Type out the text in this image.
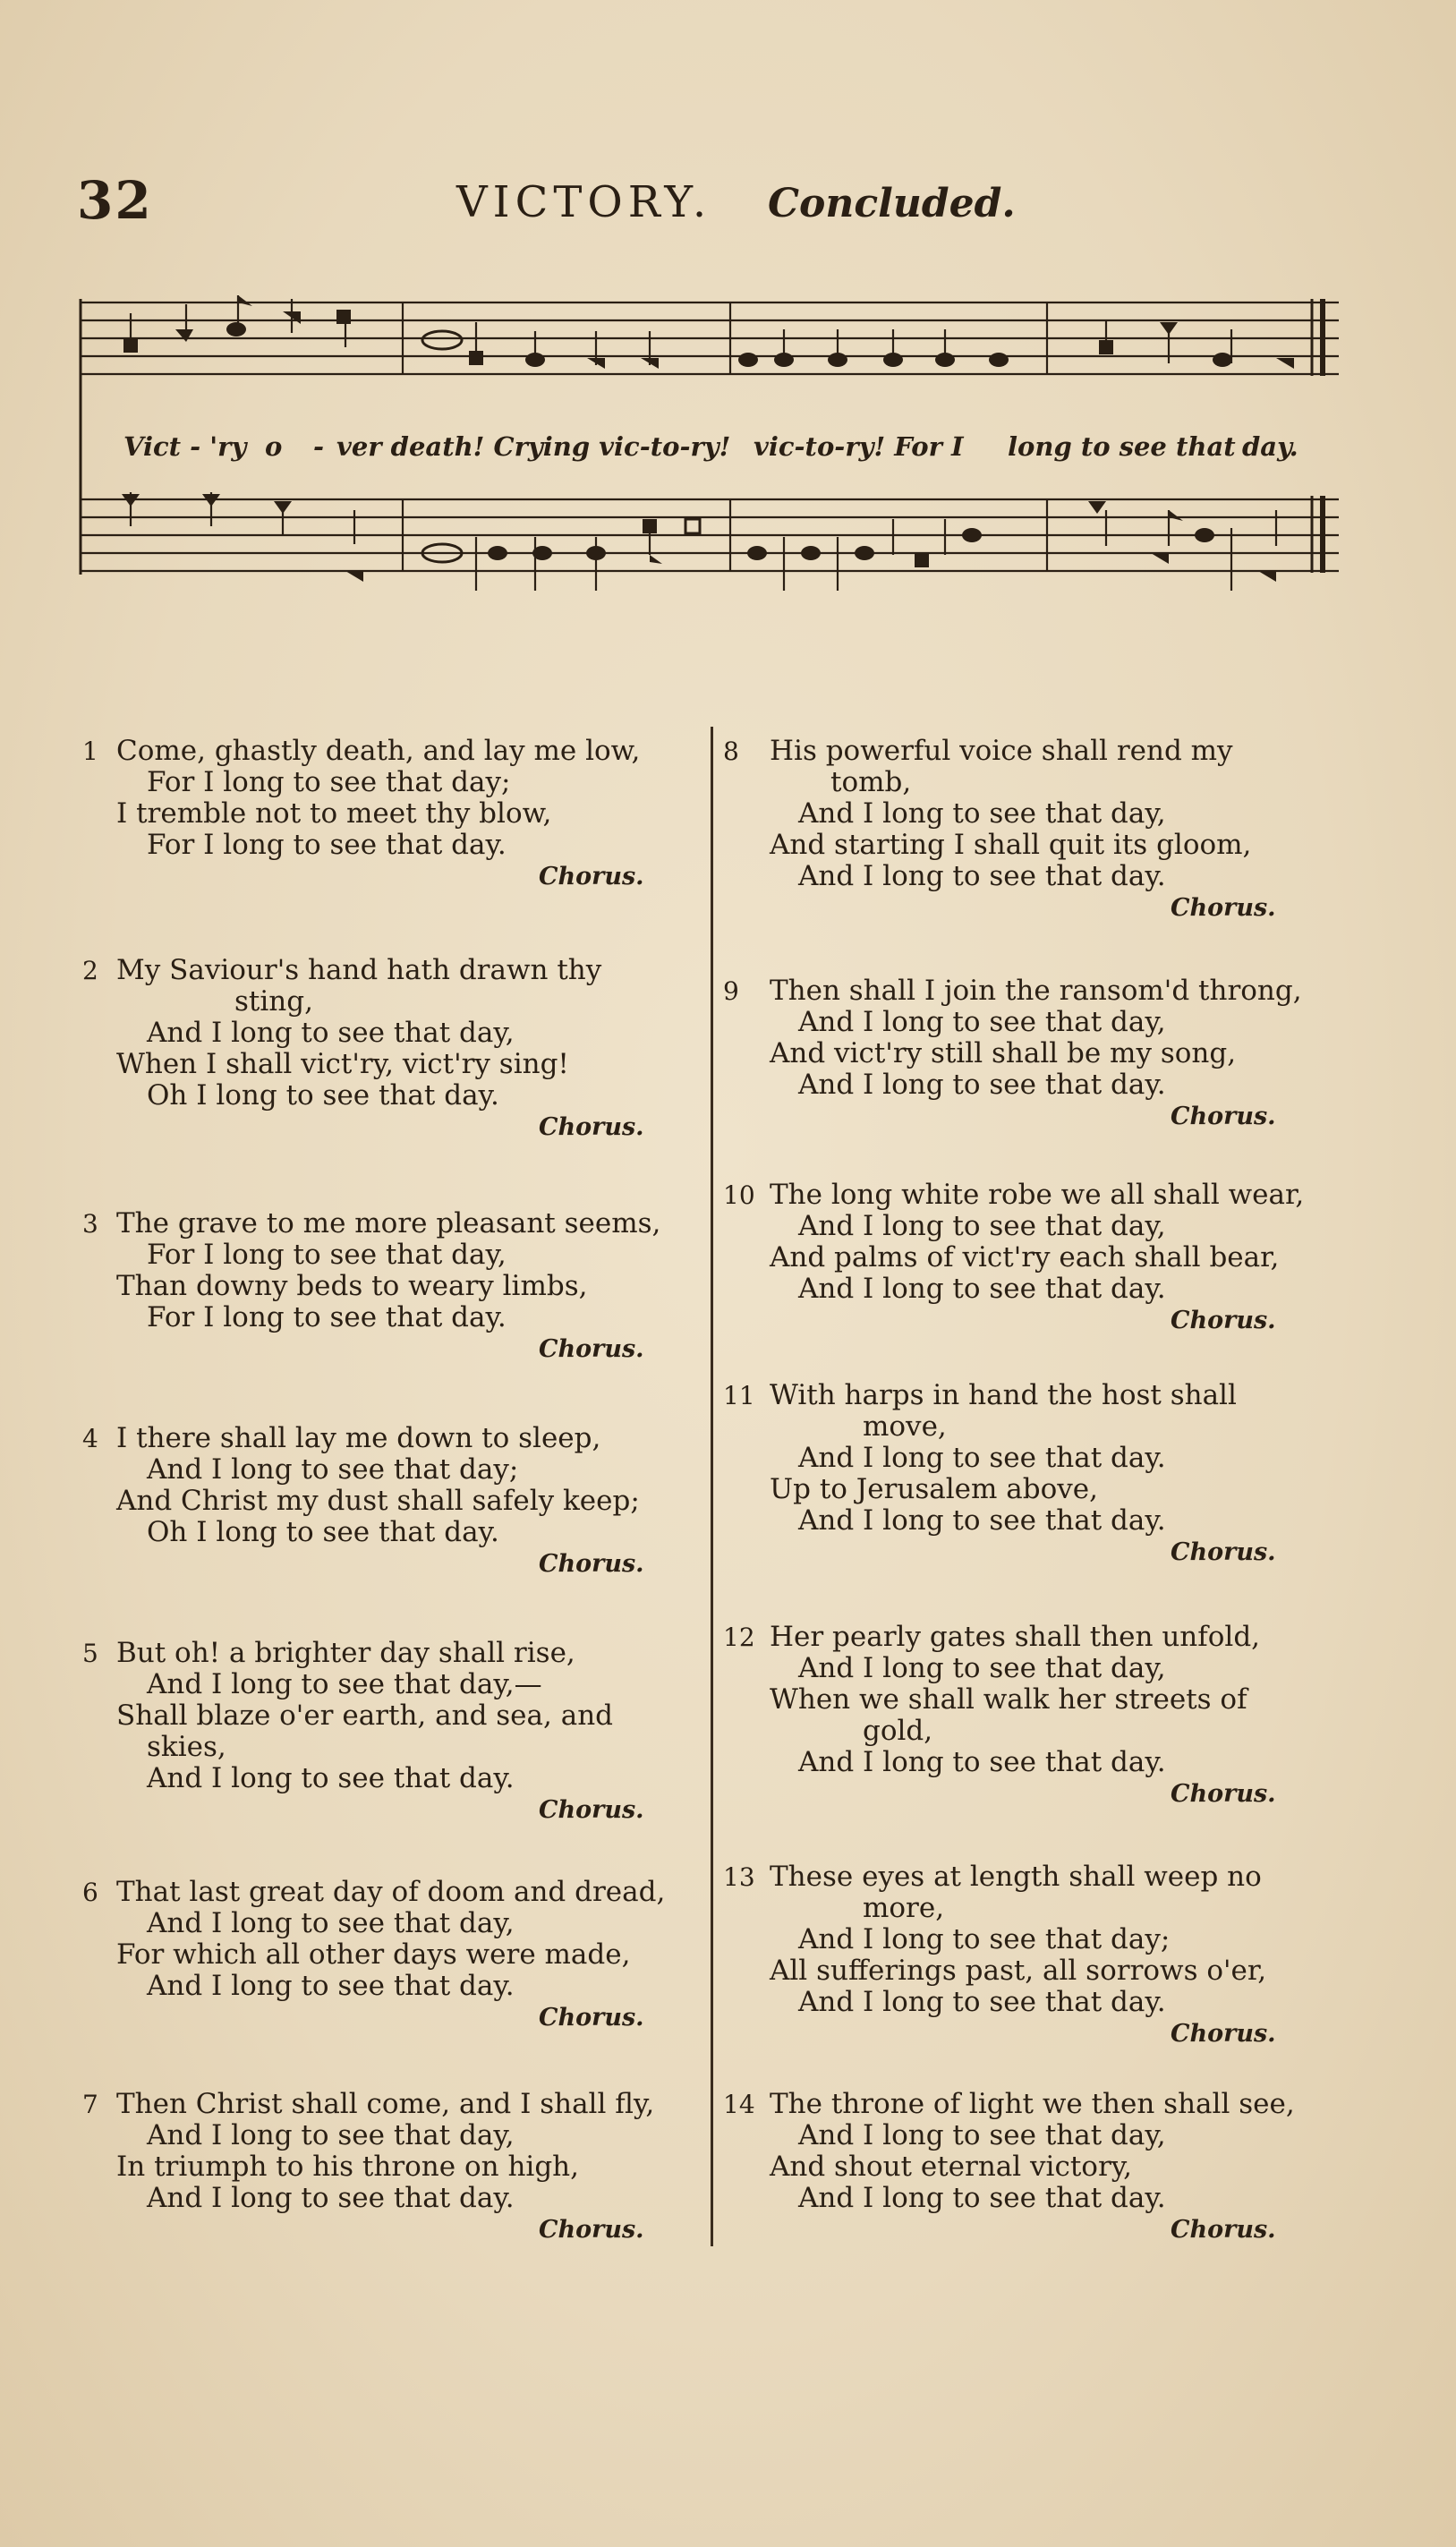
32	VICTORY. Concluded.
Vict - 'ry o - ver death! Crying vic-to-ry! vic-to-ry! For I long to see that day.
1 Come, ghastly death, and lay me low,
For I long to see that day;
I tremble not to meet thy blow,
For I long to see that day.
Chorus.
2 My Saviour's hand hath drawn thy
sting,
And I long to see that day,
When I shall vict'ry, vict'ry sing!
Oh I long to see that day.
Chorus.
3 The grave to me more pleasant seems,
For I long to see that day,
Than downy beds to weary limbs,
For I long to see that day.
Chorus.
4 I there shall lay me down to sleep,
And I long to see that day;
And Christ my dust shall safely keep;
Oh I long to see that day.
Chorus.
5 But oh! a brighter day shall rise,
And I long to see that day,—
Shall blaze o'er earth, and sea, and
skies,
And I long to see that day.
Chorus.
6 That last great day of doom and dread,
And I long to see that day,
For which all other days were made,
And I long to see that day.
Chorus.
7 Then Christ shall come, and I shall fly,
And I long to see that day,
In triumph to his throne on high,
And I long to see that day.
Chorus.
8 His powerful voice shall rend my
tomb,
And I long to see that day,
And starting I shall quit its gloom,
And I long to see that day.
Chorus.
9 Then shall I join the ransom'd throng,
And I long to see that day,
And vict'ry still shall be my song,
And I long to see that day.
Chorus.
10 The long white robe we all shall wear,
And I long to see that day,
And palms of vict'ry each shall bear,
And I long to see that day.
Chorus.
11 With harps in hand the host shall
move,
And I long to see that day.
Up to Jerusalem above,
And I long to see that day.
Chorus.
12 Her pearly gates shall then unfold,
And I long to see that day,
When we shall walk her streets of
gold,
And I long to see that day.
Chorus.
13 These eyes at length shall weep no
more,
And I long to see that day;
All sufferings past, all sorrows o'er,
And I long to see that day.
Chorus.
14 The throne of light we then shall see,
And I long to see that day,
And shout eternal victory,
And I long to see that day.
Chorus.
